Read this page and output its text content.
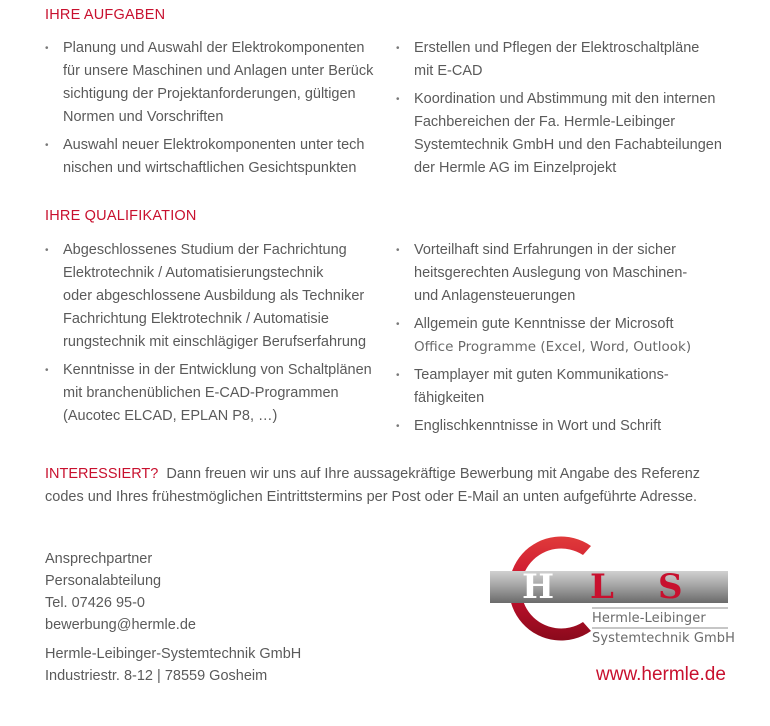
IHRE AUFGABEN
• Planung und Auswahl der Elektrokomponenten
für unsere Maschinen und Anlagen unter Berück
sichtigung der Projektanforderungen, gültigen
Normen und Vorschriften
• Auswahl neuer Elektrokomponenten unter tech
nischen und wirtschaftlichen Gesichtspunkten
• Erstellen und Pflegen der Elektroschaltpläne
mit E-CAD
• Koordination und Abstimmung mit den internen
Fachbereichen der Fa. Hermle-Leibinger
Systemtechnik GmbH und den Fachabteilungen
der Hermle AG im Einzelprojekt
IHRE QUALIFIKATION
• Abgeschlossenes Studium der Fachrichtung
Elektrotechnik / Automatisierungstechnik
oder abgeschlossene Ausbildung als Techniker
Fachrichtung Elektrotechnik / Automatisie
rungstechnik mit einschlägiger Berufserfahrung
• Kenntnisse in der Entwicklung von Schaltplänen
mit branchenüblichen E-CAD-Programmen
(Aucotec ELCAD, EPLAN P8, …)
• Vorteilhaft sind Erfahrungen in der sicher
heitsgerechten Auslegung von Maschinen-
und Anlagensteuerungen
• Allgemein gute Kenntnisse der Microsoft
Office Programme (Excel, Word, Outlook)
• Teamplayer mit guten Kommunikations-
fähigkeiten
• Englischkenntnisse in Wort und Schrift
INTERESSIERT? Dann freuen wir uns auf Ihre aussagekräftige Bewerbung mit Angabe des Referenz
codes und Ihres frühestmöglichen Eintrittstermins per Post oder E-Mail an unten aufgeführte Adresse.
Ansprechpartner
Personalabteilung
Tel. 07426 95-0
bewerbung@hermle.de
Hermle-Leibinger-Systemtechnik GmbH
Industriestr. 8-12 | 78559 Gosheim
H L S
Hermle-Leibinger
Systemtechnik GmbH
www.hermle.de
